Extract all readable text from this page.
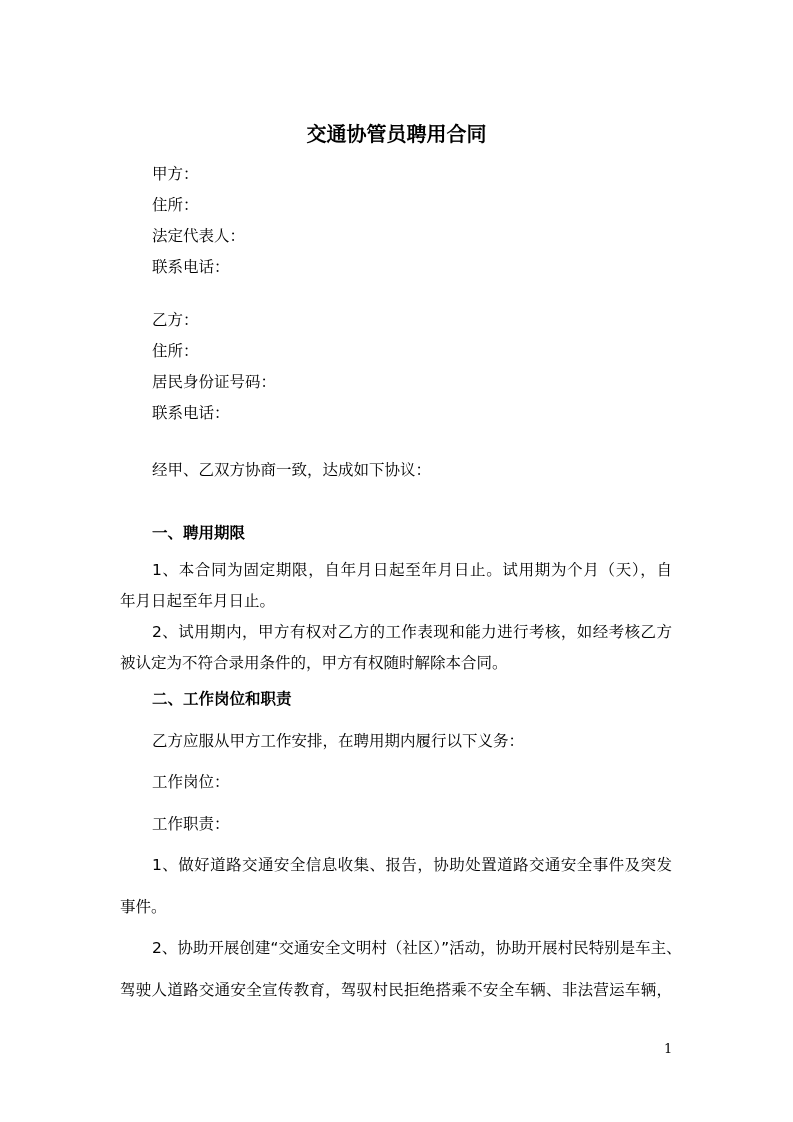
交通协管员聘用合同

甲方：

住所：

法定代表人：

联系电话：

乙方：

住所：

居民身份证号码：

联系电话：

经甲、乙双方协商一致，达成如下协议：

一、聘用期限

1、本合同为固定期限，自年月日起至年月日止。试用期为个月（天），自

年月日起至年月日止。

2、试用期内，甲方有权对乙方的工作表现和能力进行考核，如经考核乙方

被认定为不符合录用条件的，甲方有权随时解除本合同。

二、工作岗位和职责

乙方应服从甲方工作安排，在聘用期内履行以下义务：

工作岗位：

工作职责：

1、做好道路交通安全信息收集、报告，协助处置道路交通安全事件及突发

事件。

2、协助开展创建“交通安全文明村（社区）”活动，协助开展村民特别是车主、

驾驶人道路交通安全宣传教育，驾驭村民拒绝搭乘不安全车辆、非法营运车辆，

1
